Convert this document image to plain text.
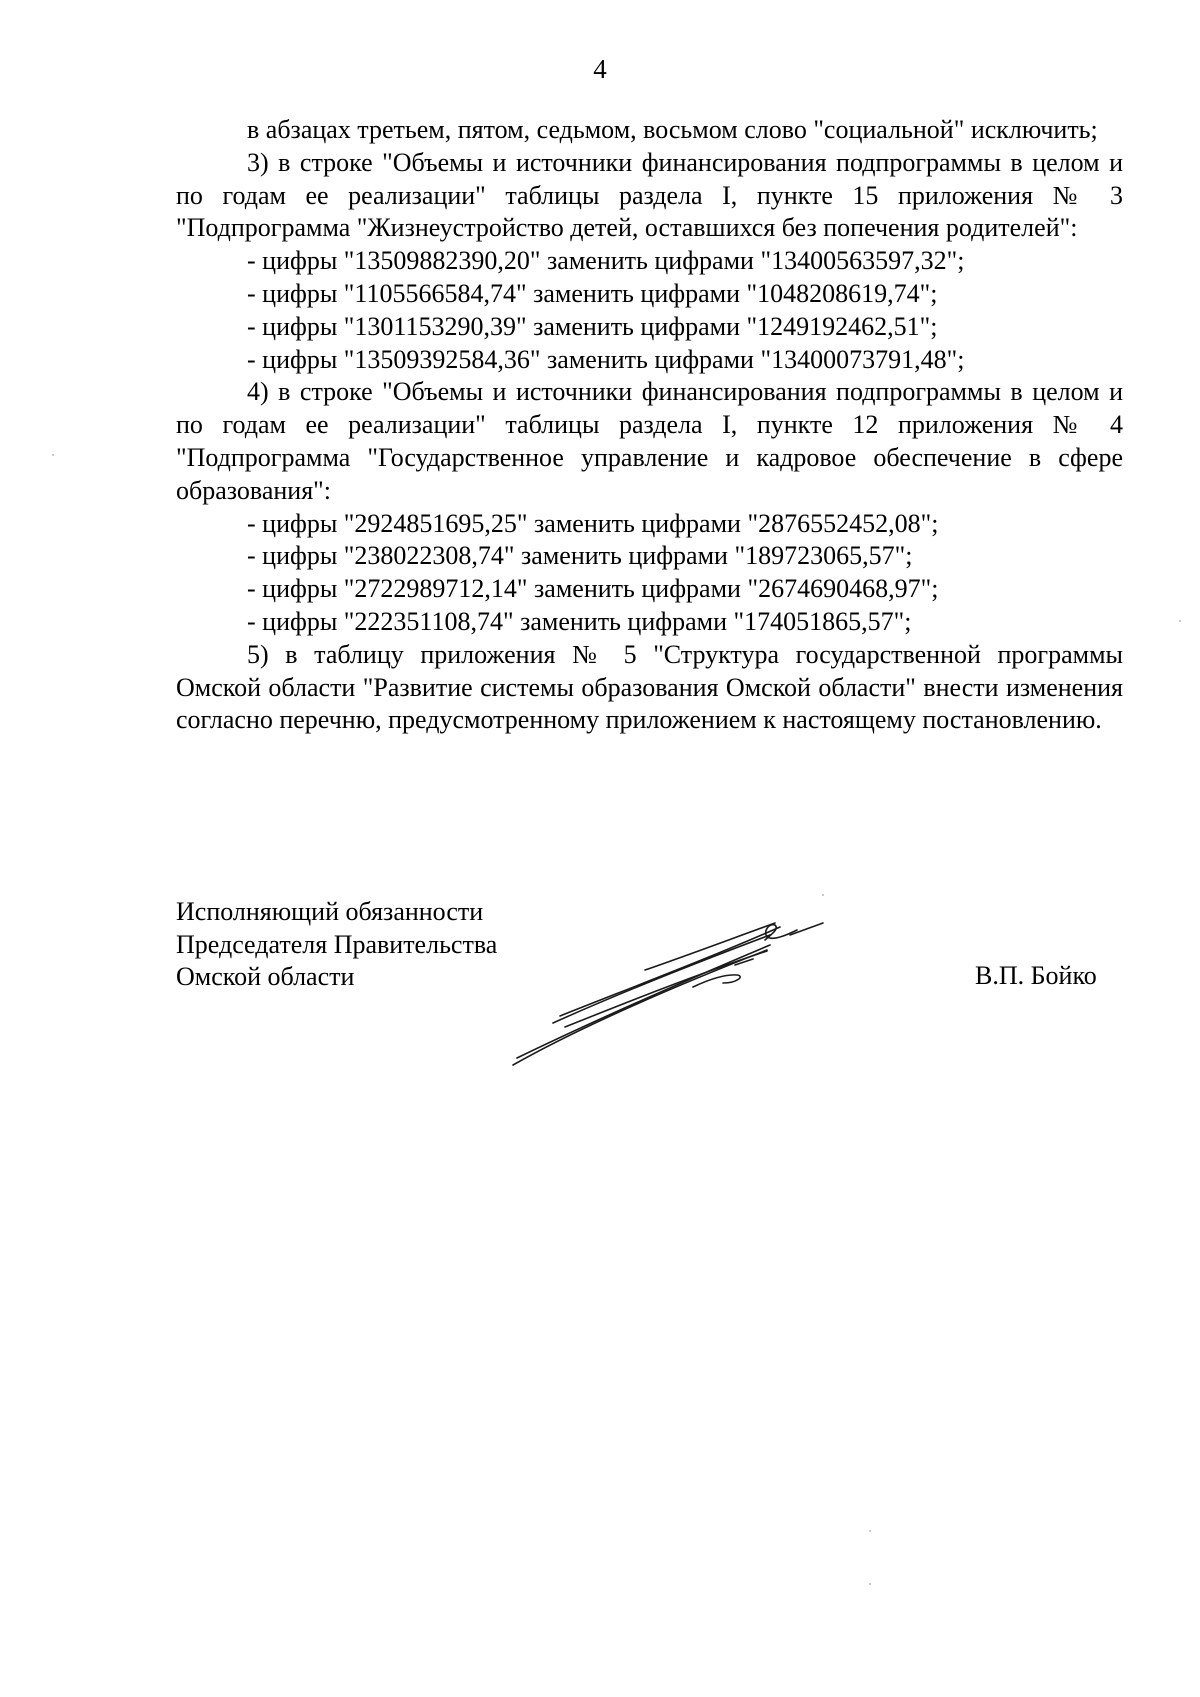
4
в абзацах третьем, пятом, седьмом, восьмом слово "социальной" исключить;
3) в строке "Объемы и источники финансирования подпрограммы в целом и по годам ее реализации" таблицы раздела I, пункте 15 приложения № 3 "Подпрограмма "Жизнеустройство детей, оставшихся без попечения родителей":
- цифры "13509882390,20" заменить цифрами "13400563597,32";
- цифры "1105566584,74" заменить цифрами "1048208619,74";
- цифры "1301153290,39" заменить цифрами "1249192462,51";
- цифры "13509392584,36" заменить цифрами "13400073791,48";
4) в строке "Объемы и источники финансирования подпрограммы в целом и по годам ее реализации" таблицы раздела I, пункте 12 приложения № 4 "Подпрограмма "Государственное управление и кадровое обеспечение в сфере образования":
- цифры "2924851695,25" заменить цифрами "2876552452,08";
- цифры "238022308,74" заменить цифрами "189723065,57";
- цифры "2722989712,14" заменить цифрами "2674690468,97";
- цифры "222351108,74" заменить цифрами "174051865,57";
5) в таблицу приложения № 5 "Структура государственной программы Омской области "Развитие системы образования Омской области" внести изменения согласно перечню, предусмотренному приложением к настоящему постановлению.
Исполняющий обязанности
Председателя Правительства
Омской области	В.П. Бойко
